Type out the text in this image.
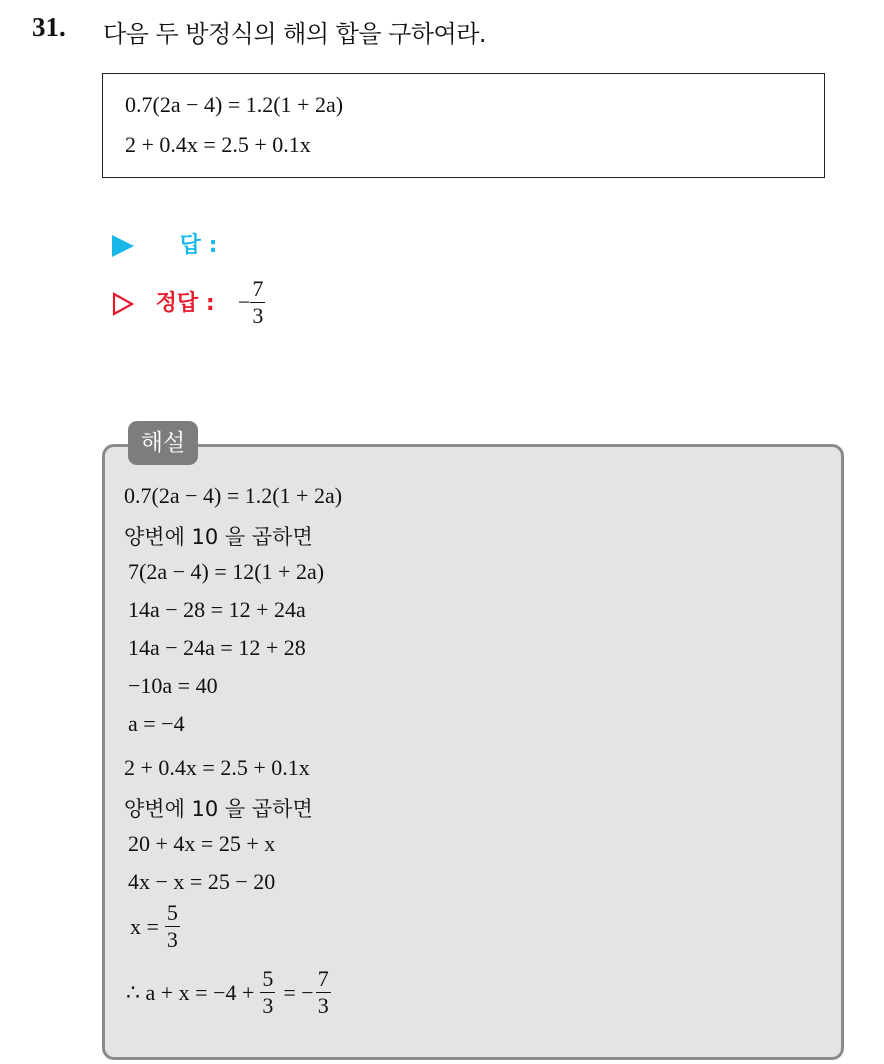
31. 다음 두 방정식의 해의 합을 구하여라.
0.7(2a − 4) = 1.2(1 + 2a)
2 + 0.4x = 2.5 + 0.1x
답 :
정답 : − $\frac{7}{3}$
해설
0.7(2a − 4) = 1.2(1 + 2a)
양변에 10 을 곱하면
7(2a − 4) = 12(1 + 2a)
14a − 28 = 12 + 24a
14a − 24a = 12 + 28
−10a = 40
a = −4
2 + 0.4x = 2.5 + 0.1x
양변에 10 을 곱하면
20 + 4x = 25 + x
4x − x = 25 − 20
$x = \frac{5}{3}$
∴ $a + x = -4 + \frac{5}{3}$ = − $\frac{7}{3}$
